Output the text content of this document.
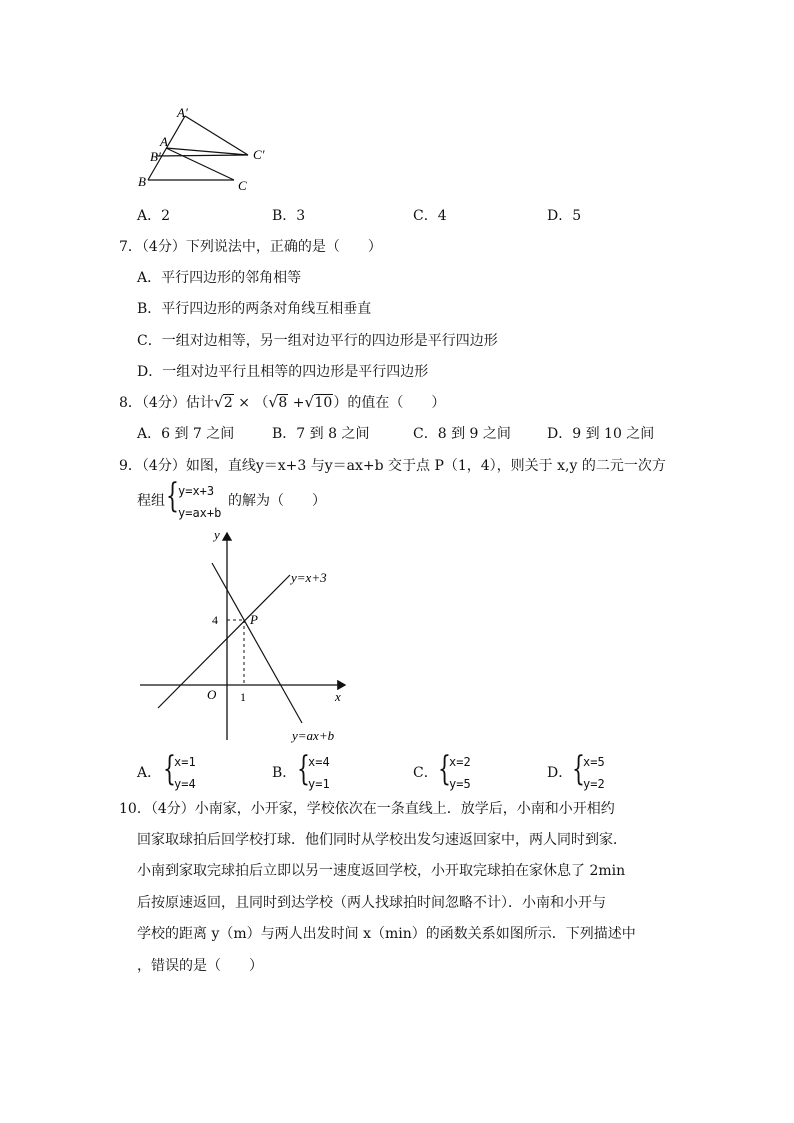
A′
A
B′	C′
B	C
A．2	B．3	C．4	D．5
7．（4分）下列说法中，正确的是（　　）
A．平行四边形的邻角相等
B．平行四边形的两条对角线互相垂直
C．一组对边相等，另一组对边平行的四边形是平行四边形
D．一组对边平行且相等的四边形是平行四边形
8．（4分）估计 √ 2 × （ √ 8 + √ 10）的值在（　　）
A．6 到 7 之间	B．7 到 8 之间	C．8 到 9 之间	D．9 到 10 之间
9．（4分）如图，直线y＝x+3 与y＝ax+b 交于点 P（1，4），则关于 x,y 的二元一次方
程组 { y=x+3
y=ax+b
的解为（　　）
y
x
O 1
4 P
y=x+3
y=ax+b
A． {
x=1
y=4
B． {
x=4
y=1
C． {
x=2
y=5
D． {
x=5
y=2
10．（4分）小南家，小开家，学校依次在一条直线上．放学后，小南和小开相约
回家取球拍后回学校打球．他们同时从学校出发匀速返回家中，两人同时到家．
小南到家取完球拍后立即以另一速度返回学校，小开取完球拍在家休息了 2min
后按原速返回，且同时到达学校（两人找球拍时间忽略不计）．小南和小开与
学校的距离 y（m）与两人出发时间 x（min）的函数关系如图所示．下列描述中
，错误的是（　　）
